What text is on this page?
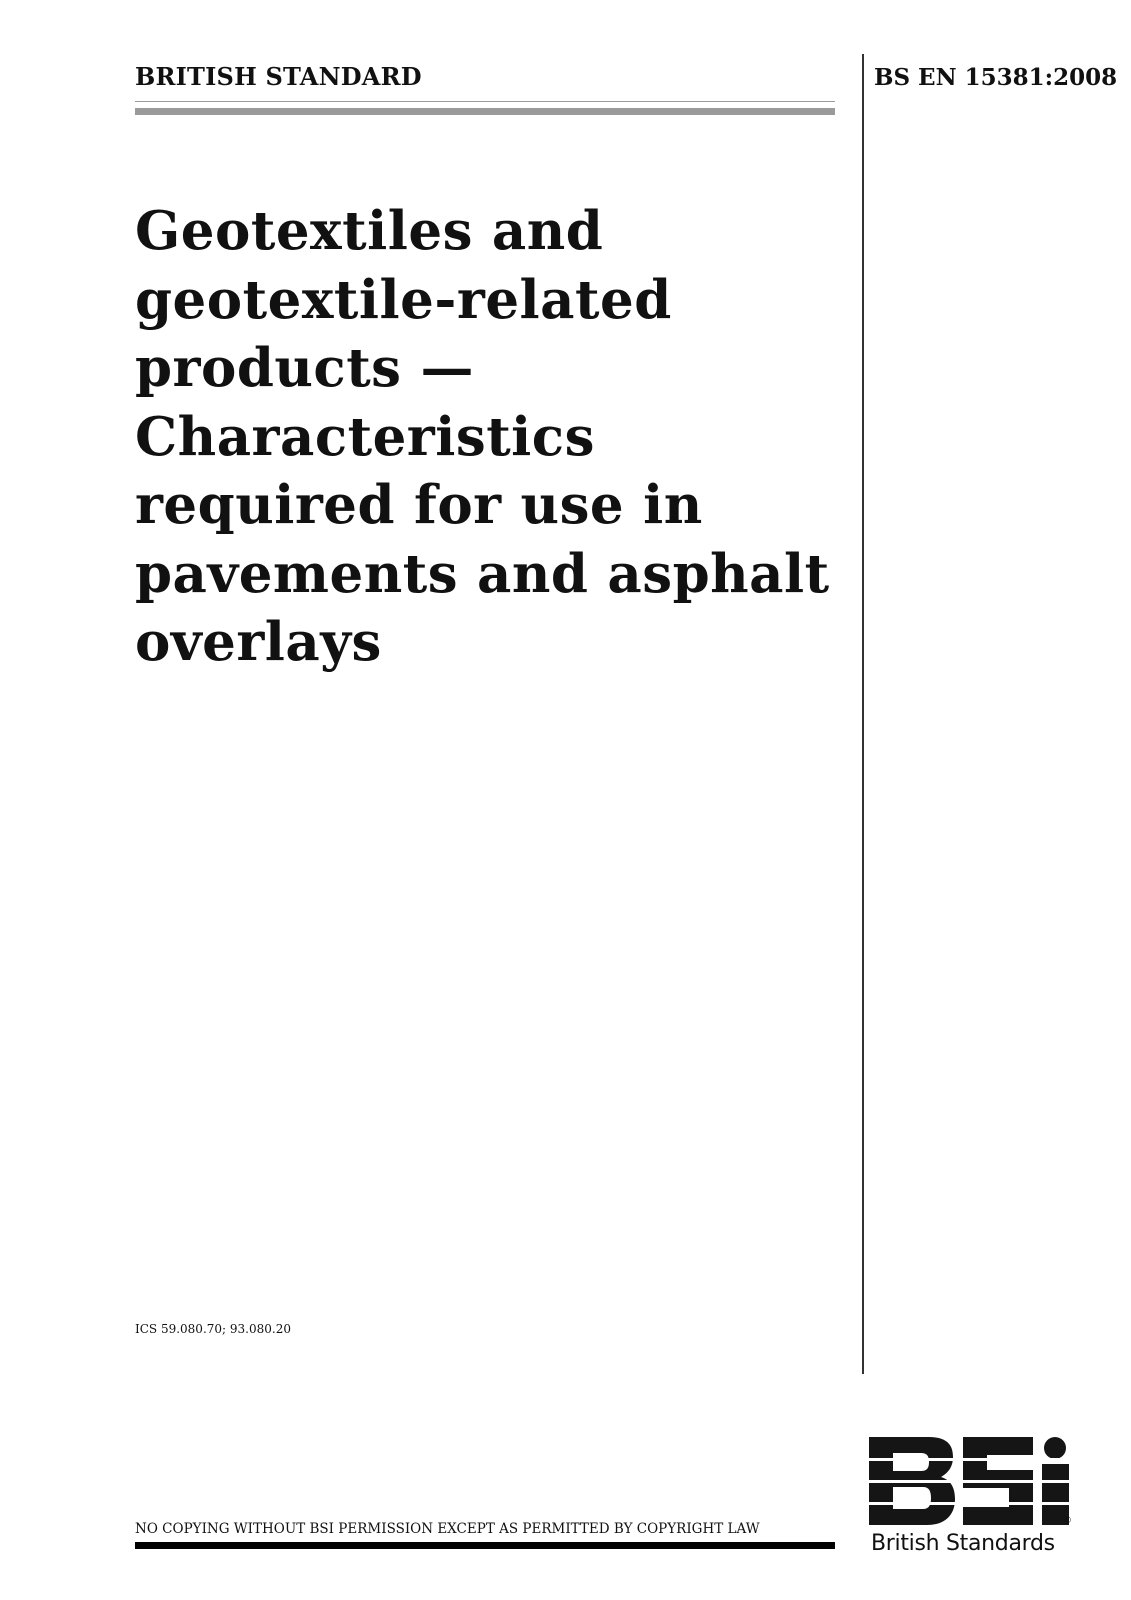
BRITISH STANDARD	BS EN 15381:2008
Geotextiles and
geotextile-related
products —
Characteristics
required for use in
pavements and asphalt
overlays
ICS 59.080.70; 93.080.20
NO COPYING WITHOUT BSI PERMISSION EXCEPT AS PERMITTED BY COPYRIGHT LAW	®
British Standards
